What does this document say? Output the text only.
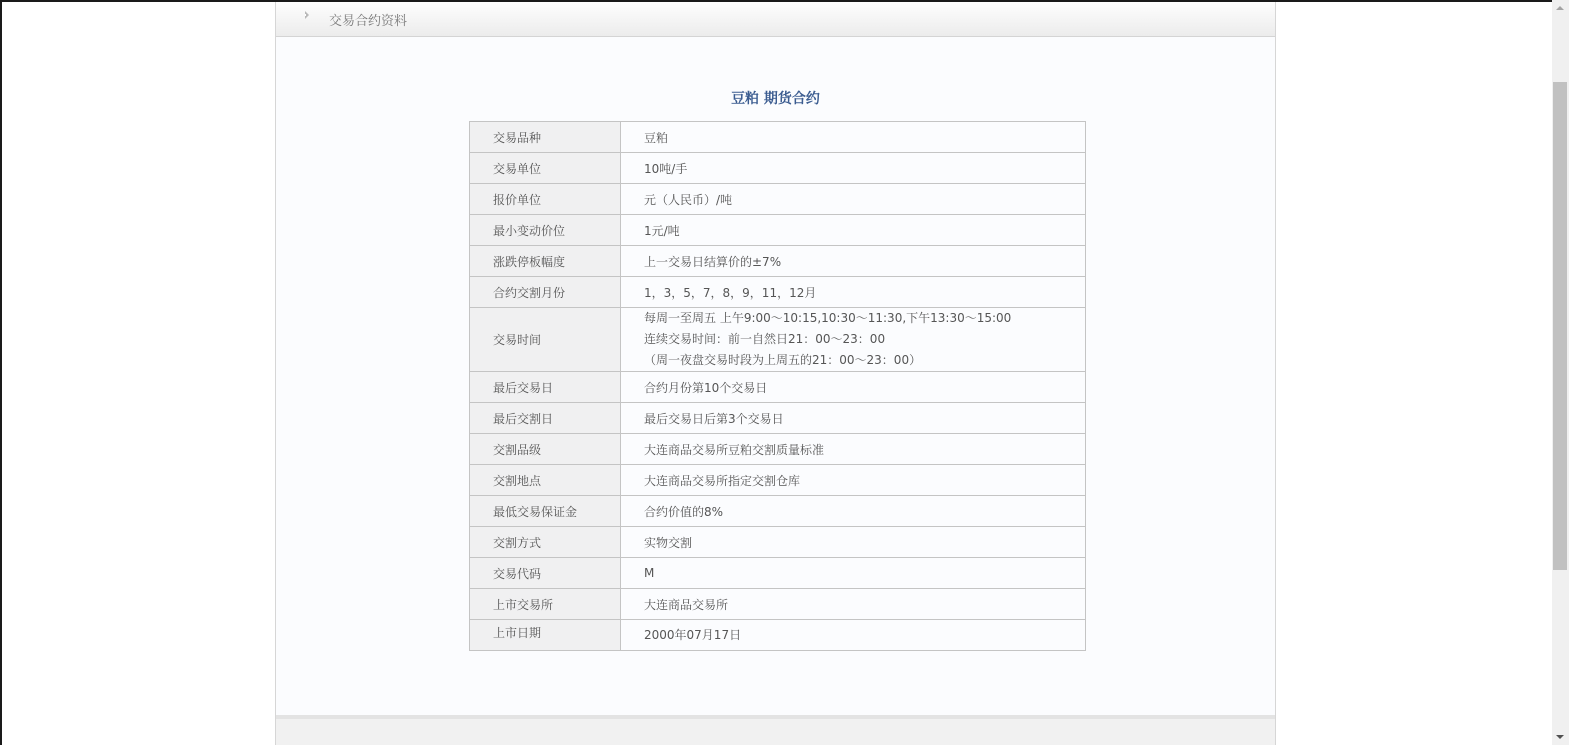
交易合约资料
豆粕 期货合约
交易品种	豆粕
交易单位	10吨/手
报价单位	元（人民币）/吨
最小变动价位	1元/吨
涨跌停板幅度	上一交易日结算价的±7%
合约交割月份	1，3，5，7，8，9，11，12月
交易时间	每周一至周五 上午9:00～10:15,10:30～11:30,下午13:30～15:00
连续交易时间：前一自然日21：00～23：00
（周一夜盘交易时段为上周五的21：00～23：00）

最后交易日	合约月份第10个交易日
最后交割日	最后交易日后第3个交易日
交割品级	大连商品交易所豆粕交割质量标准
交割地点	大连商品交易所指定交割仓库
最低交易保证金	合约价值的8%
交割方式	实物交割
交易代码	M
上市交易所	大连商品交易所
上市日期	2000年07月17日
